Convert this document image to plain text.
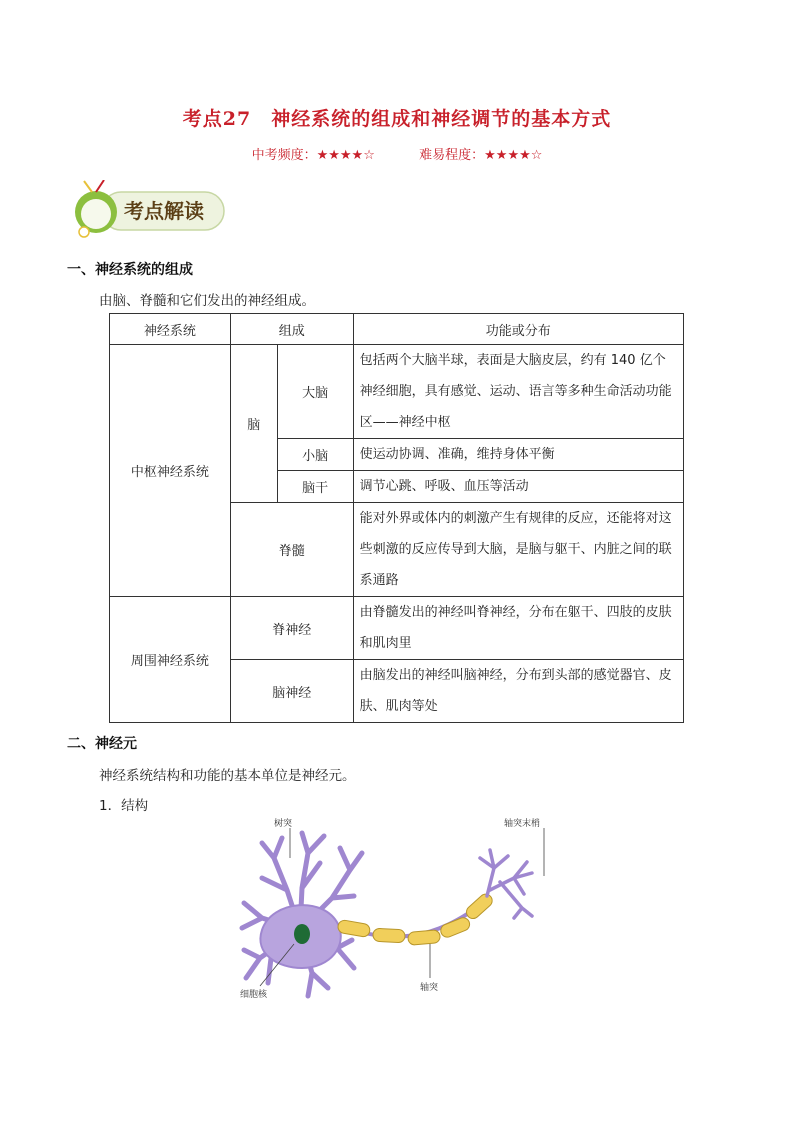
考点27　神经系统的组成和神经调节的基本方式
中考频度：★★★★☆	难易程度：★★★★☆
考点解读
一、神经系统的组成
由脑、脊髓和它们发出的神经组成。
神经系统	组成		功能或分布
中枢神经系统	脑	大脑	包括两个大脑半球，表面是大脑皮层，约有 140 亿个神经细胞，具有感觉、运动、语言等多种生命活动功能区——神经中枢
		小脑	使运动协调、准确，维持身体平衡
		脑干	调节心跳、呼吸、血压等活动
	脊髓		能对外界或体内的刺激产生有规律的反应，还能将对这些刺激的反应传导到大脑，是脑与躯干、内脏之间的联系通路
周围神经系统	脊神经		由脊髓发出的神经叫脊神经，分布在躯干、四肢的皮肤和肌肉里
	脑神经		由脑发出的神经叫脑神经，分布到头部的感觉器官、皮肤、肌肉等处
二、神经元
神经系统结构和功能的基本单位是神经元。
1．结构
树突	轴突末梢
细胞核
轴突
